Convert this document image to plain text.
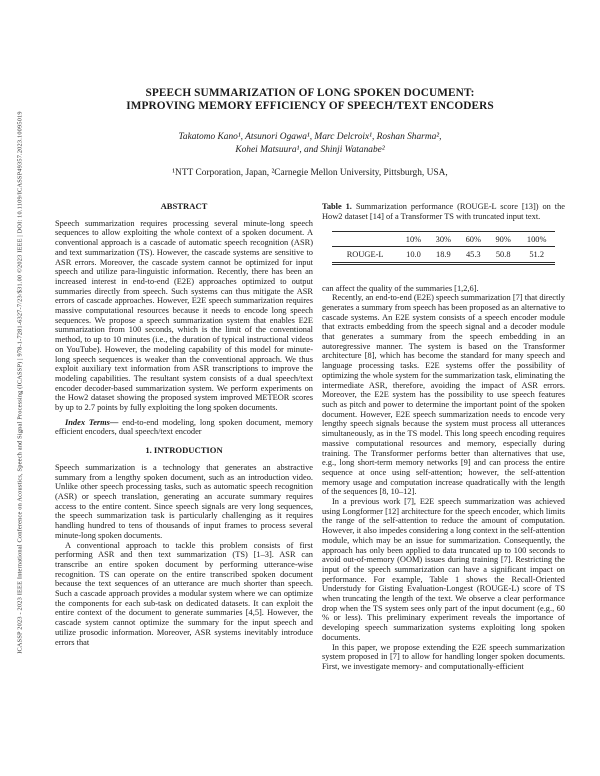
ICASSP 2023 - 2023 IEEE International Conference on Acoustics, Speech and Signal Processing (ICASSP) | 978-1-7281-6327-7/23/$31.00 ©2023 IEEE | DOI: 10.1109/ICASSP49357.2023.10095019
SPEECH SUMMARIZATION OF LONG SPOKEN DOCUMENT:
IMPROVING MEMORY EFFICIENCY OF SPEECH/TEXT ENCODERS
Takatomo Kano¹, Atsunori Ogawa¹, Marc Delcroix¹, Roshan Sharma²,
Kohei Matsuura¹, and Shinji Watanabe²
¹NTT Corporation, Japan, ²Carnegie Mellon University, Pittsburgh, USA,
ABSTRACT

Speech summarization requires processing several minute-long speech sequences to allow exploiting the whole context of a spoken document. A conventional approach is a cascade of automatic speech recognition (ASR) and text summarization (TS). However, the cascade systems are sensitive to ASR errors. Moreover, the cascade system cannot be optimized for input speech and utilize para-linguistic information. Recently, there has been an increased interest in end-to-end (E2E) approaches optimized to output summaries directly from speech. Such systems can thus mitigate the ASR errors of cascade approaches. However, E2E speech summarization requires massive computational resources because it needs to encode long speech sequences. We propose a speech summarization system that enables E2E summarization from 100 seconds, which is the limit of the conventional method, to up to 10 minutes (i.e., the duration of typical instructional videos on YouTube). However, the modeling capability of this model for minute-long speech sequences is weaker than the conventional approach. We thus exploit auxiliary text information from ASR transcriptions to improve the modeling capabilities. The resultant system consists of a dual speech/text encoder decoder-based summarization system. We perform experiments on the How2 dataset showing the proposed system improved METEOR scores by up to 2.7 points by fully exploiting the long spoken documents.

Index Terms— end-to-end modeling, long spoken document, memory efficient encoders, dual speech/text encoder

1. INTRODUCTION

Speech summarization is a technology that generates an abstractive summary from a lengthy spoken document, such as an introduction video. Unlike other speech processing tasks, such as automatic speech recognition (ASR) or speech translation, generating an accurate summary requires access to the entire content. Since speech signals are very long sequences, the speech summarization task is particularly challenging as it requires handling hundred to tens of thousands of input frames to process several minute-long spoken documents.

A conventional approach to tackle this problem consists of first performing ASR and then text summarization (TS) [1–3]. ASR can transcribe an entire spoken document by performing utterance-wise recognition. TS can operate on the entire transcribed spoken document because the text sequences of an utterance are much shorter than speech. Such a cascade approach provides a modular system where we can optimize the components for each sub-task on dedicated datasets. It can exploit the entire context of the document to generate summaries [4,5]. However, the cascade system cannot optimize the summary for the input speech and utilize prosodic information. Moreover, ASR systems inevitably introduce errors that

Table 1. Summarization performance (ROUGE-L score [13]) on the How2 dataset [14] of a Transformer TS with truncated input text.

	10%	30%	60%	90%	100%
ROUGE-L	10.0	18.9	45.3	50.8	51.2

can affect the quality of the summaries [1,2,6].

Recently, an end-to-end (E2E) speech summarization [7] that directly generates a summary from speech has been proposed as an alternative to cascade systems. An E2E system consists of a speech encoder module that extracts embedding from the speech signal and a decoder module that generates a summary from the speech embedding in an autoregressive manner. The system is based on the Transformer architecture [8], which has become the standard for many speech and language processing tasks. E2E systems offer the possibility of optimizing the whole system for the summarization task, eliminating the intermediate ASR, therefore, avoiding the impact of ASR errors. Moreover, the E2E system has the possibility to use speech features such as pitch and power to determine the important point of the spoken document. However, E2E speech summarization needs to encode very lengthy speech signals because the system must process all utterances simultaneously, as in the TS model. This long speech encoding requires massive computational resources and memory, especially during training. The Transformer performs better than alternatives that use, e.g., long short-term memory networks [9] and can process the entire sequence at once using self-attention; however, the self-attention memory usage and computation increase quadratically with the length of the sequences [8, 10–12].

In a previous work [7], E2E speech summarization was achieved using Longformer [12] architecture for the speech encoder, which limits the range of the self-attention to reduce the amount of computation. However, it also impedes considering a long context in the self-attention module, which may be an issue for summarization. Consequently, the approach has only been applied to data truncated up to 100 seconds to avoid out-of-memory (OOM) issues during training [7]. Restricting the input of the speech summarization can have a significant impact on performance. For example, Table 1 shows the Recall-Oriented Understudy for Gisting Evaluation-Longest (ROUGE-L) score of TS when truncating the length of the text. We observe a clear performance drop when the TS system sees only part of the input document (e.g., 60 % or less). This preliminary experiment reveals the importance of developing speech summarization systems exploiting long spoken documents.

In this paper, we propose extending the E2E speech summarization system proposed in [7] to allow for handling longer spoken documents. First, we investigate memory- and computationally-efficient
